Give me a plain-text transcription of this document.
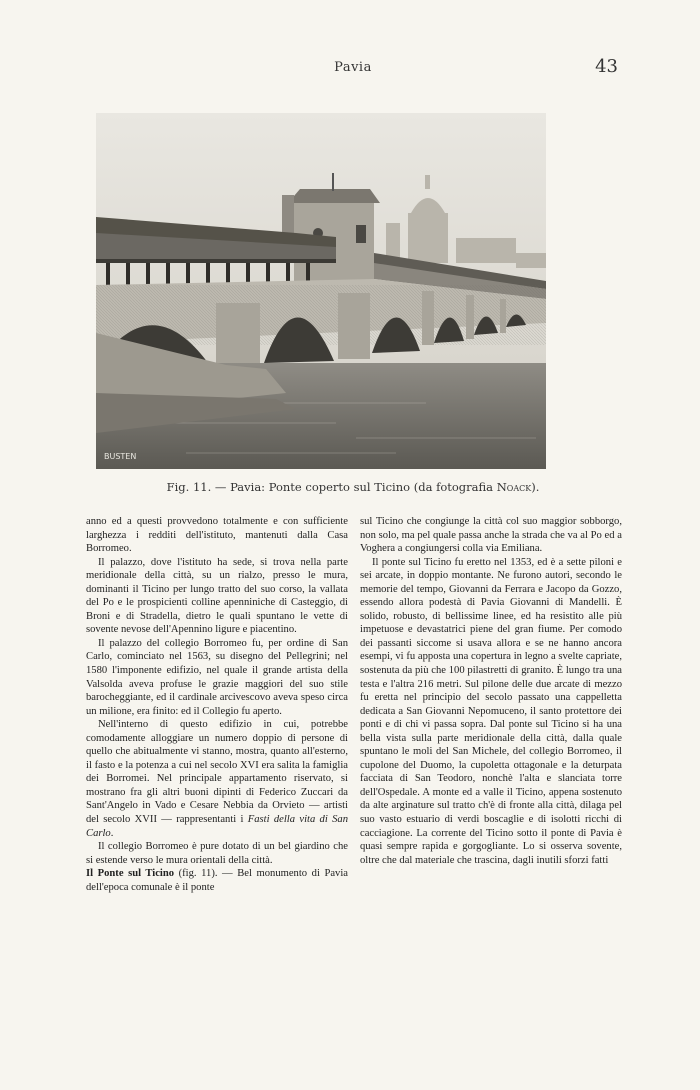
Pavia	43
BUSTEN
Fig. 11. — Pavia: Ponte coperto sul Ticino (da fotografia Noack).

anno ed a questi provvedono totalmente e con sufficiente larghezza i redditi dell'istituto, mantenuti dalla Casa Borromeo.

Il palazzo, dove l'istituto ha sede, si trova nella parte meridionale della città, su un rialzo, presso le mura, dominanti il Ticino per lungo tratto del suo corso, la vallata del Po e le prospicienti colline apenniniche di Casteggio, di Broni e di Stradella, dietro le quali spuntano le vette di sovente nevose dell'Apennino ligure e piacentino.

Il palazzo del collegio Borromeo fu, per ordine di San Carlo, cominciato nel 1563, su disegno del Pellegrini; nel 1580 l'imponente edifizio, nel quale il grande artista della Valsolda aveva profuse le grazie maggiori del suo stile barocheggiante, ed il cardinale arcivescovo aveva speso circa un milione, era finito: ed il Collegio fu aperto.

Nell'interno di questo edifizio in cui, potrebbe comodamente alloggiare un numero doppio di persone di quello che abitualmente vi stanno, mostra, quanto all'esterno, il fasto e la potenza a cui nel secolo XVI era salita la famiglia dei Borromei. Nel principale appartamento riservato, si mostrano fra gli altri buoni dipinti di Federico Zuccari da Sant'Angelo in Vado e Cesare Nebbia da Orvieto — artisti del secolo XVII — rappresentanti i Fasti della vita di San Carlo.

Il collegio Borromeo è pure dotato di un bel giardino che si estende verso le mura orientali della città.

Il Ponte sul Ticino (fig. 11). — Bel monumento di Pavia dell'epoca comunale è il ponte

sul Ticino che congiunge la città col suo maggior sobborgo, non solo, ma pel quale passa anche la strada che va al Po ed a Voghera a congiungersi colla via Emiliana.

Il ponte sul Ticino fu eretto nel 1353, ed è a sette piloni e sei arcate, in doppio montante. Ne furono autori, secondo le memorie del tempo, Giovanni da Ferrara e Jacopo da Gozzo, essendo allora podestà di Pavia Giovanni di Mandelli. È solido, robusto, di bellissime linee, ed ha resistito alle più impetuose e devastatrici piene del gran fiume. Per comodo dei passanti siccome si usava allora e se ne hanno ancora esempi, vi fu apposta una copertura in legno a svelte capriate, sostenuta da più che 100 pilastretti di granito. È lungo tra una testa e l'altra 216 metri. Sul pilone delle due arcate di mezzo fu eretta nel principio del secolo passato una cappelletta dedicata a San Giovanni Nepomuceno, il santo protettore dei ponti e di chi vi passa sopra. Dal ponte sul Ticino si ha una bella vista sulla parte meridionale della città, dalla quale spuntano le moli del San Michele, del collegio Borromeo, il cupolone del Duomo, la cupoletta ottagonale e la deturpata facciata di San Teodoro, nonchè l'alta e slanciata torre dell'Ospedale. A monte ed a valle il Ticino, appena sostenuto da alte arginature sul tratto ch'è di fronte alla città, dilaga pel suo vasto estuario di verdi boscaglie e di isolotti ricchi di cacciagione. La corrente del Ticino sotto il ponte di Pavia è quasi sempre rapida e gorgogliante. Lo si osserva sovente, oltre che dal materiale che trascina, dagli inutili sforzi fatti
